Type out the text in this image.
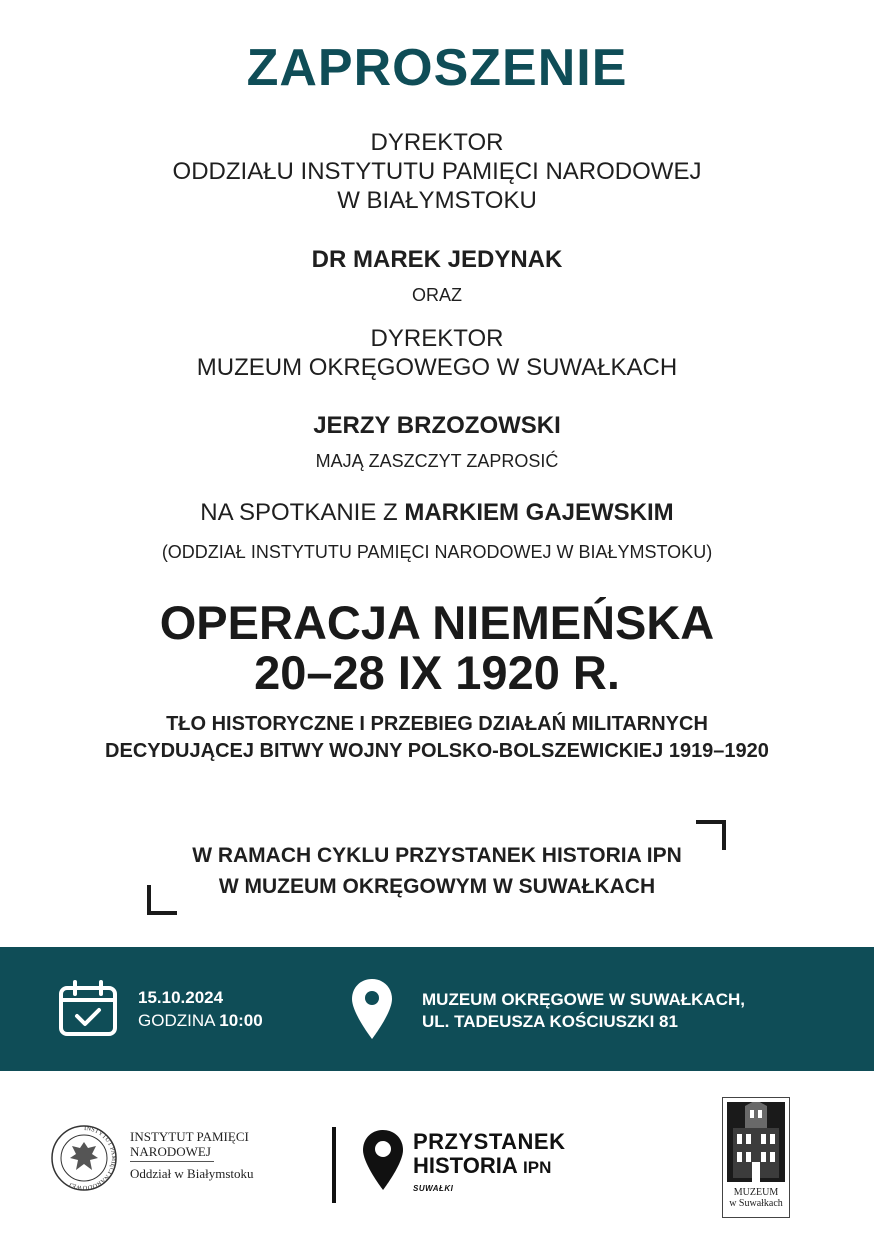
ZAPROSZENIE
DYREKTOR
ODDZIAŁU INSTYTUTU PAMIĘCI NARODOWEJ
W BIAŁYMSTOKU
DR MAREK JEDYNAK
ORAZ
DYREKTOR
MUZEUM OKRĘGOWEGO W SUWAŁKACH
JERZY BRZOZOWSKI
MAJĄ ZASZCZYT ZAPROSIĆ
NA SPOTKANIE Z MARKIEM GAJEWSKIM
(ODDZIAŁ INSTYTUTU PAMIĘCI NARODOWEJ W BIAŁYMSTOKU)
OPERACJA NIEMEŃSKA
20–28 IX 1920 R.
TŁO HISTORYCZNE I PRZEBIEG DZIAŁAŃ MILITARNYCH
DECYDUJĄCEJ BITWY WOJNY POLSKO-BOLSZEWICKIEJ 1919–1920
W RAMACH CYKLU PRZYSTANEK HISTORIA IPN
W MUZEUM OKRĘGOWYM W SUWAŁKACH
15.10.2024
GODZINA 10:00
MUZEUM OKRĘGOWE W SUWAŁKACH,
UL. TADEUSZA KOŚCIUSZKI 81
INSTYTUT PAMIĘCI NARODOWEJ
INSTYTUT PAMIĘCI
NARODOWEJ
Oddział w Białymstoku
PRZYSTANEK
HISTORIA IPN
SUWAŁKI	MUZEUM
w Suwałkach
